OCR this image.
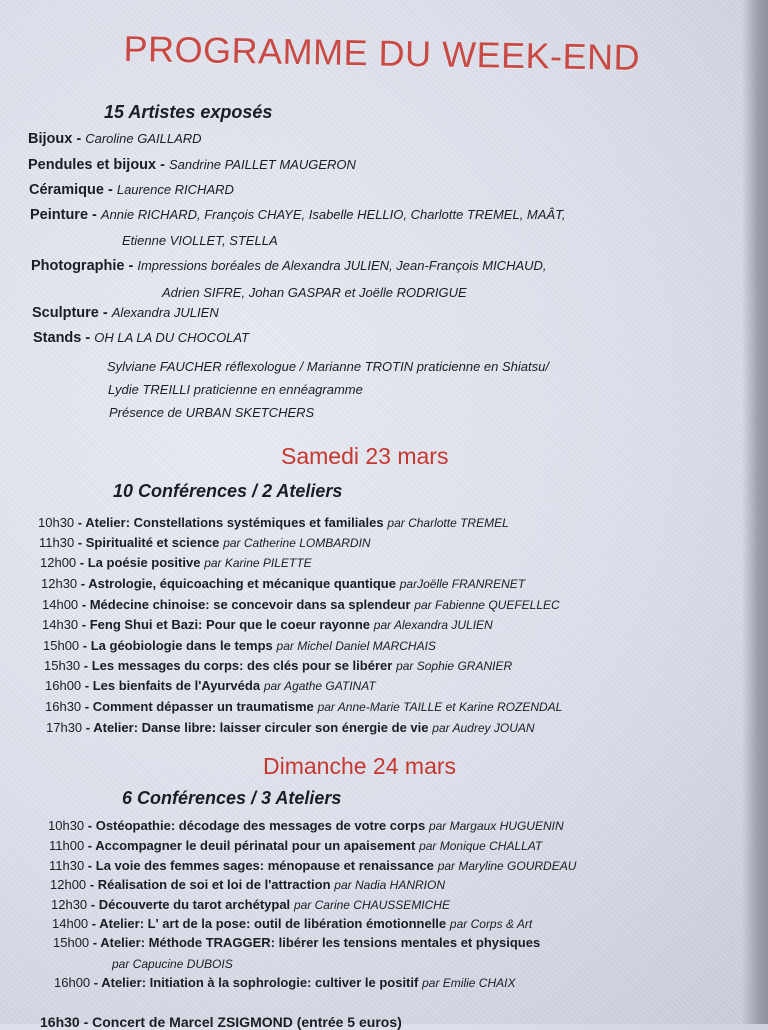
PROGRAMME DU WEEK-END
15 Artistes exposés
Bijoux - Caroline GAILLARD
Pendules et bijoux - Sandrine PAILLET MAUGERON
Céramique - Laurence RICHARD
Peinture - Annie RICHARD, François CHAYE, Isabelle HELLIO, Charlotte TREMEL, MAÂT,
Etienne VIOLLET, STELLA
Photographie - Impressions boréales de Alexandra JULIEN, Jean-François MICHAUD,
Adrien SIFRE, Johan GASPAR et Joëlle RODRIGUE
Sculpture - Alexandra JULIEN
Stands - OH LA LA DU CHOCOLAT
Sylviane FAUCHER réflexologue / Marianne TROTIN praticienne en Shiatsu/
Lydie TREILLI praticienne en ennéagramme
Présence de URBAN SKETCHERS
Samedi 23 mars
10 Conférences / 2 Ateliers
10h30 - Atelier: Constellations systémiques et familiales par Charlotte TREMEL
11h30 - Spiritualité et science par Catherine LOMBARDIN
12h00 - La poésie positive par Karine PILETTE
12h30 - Astrologie, équicoaching et mécanique quantique parJoëlle FRANRENET
14h00 - Médecine chinoise: se concevoir dans sa splendeur par Fabienne QUEFELLEC
14h30 - Feng Shui et Bazi: Pour que le coeur rayonne par Alexandra JULIEN
15h00 - La géobiologie dans le temps par Michel Daniel MARCHAIS
15h30 - Les messages du corps: des clés pour se libérer par Sophie GRANIER
16h00 - Les bienfaits de l'Ayurvéda par Agathe GATINAT
16h30 - Comment dépasser un traumatisme par Anne-Marie TAILLE et Karine ROZENDAL
17h30 - Atelier: Danse libre: laisser circuler son énergie de vie par Audrey JOUAN
Dimanche 24 mars
6 Conférences / 3 Ateliers
10h30 - Ostéopathie: décodage des messages de votre corps par Margaux HUGUENIN
11h00 - Accompagner le deuil périnatal pour un apaisement par Monique CHALLAT
11h30 - La voie des femmes sages: ménopause et renaissance par Maryline GOURDEAU
12h00 - Réalisation de soi et loi de l'attraction par Nadia HANRION
12h30 - Découverte du tarot archétypal par Carine CHAUSSEMICHE
14h00 - Atelier: L' art de la pose: outil de libération émotionnelle par Corps & Art
15h00 - Atelier: Méthode TRAGGER: libérer les tensions mentales et physiques
par Capucine DUBOIS
16h00 - Atelier: Initiation à la sophrologie: cultiver le positif par Emilie CHAIX
16h30 - Concert de Marcel ZSIGMOND (entrée 5 euros)
